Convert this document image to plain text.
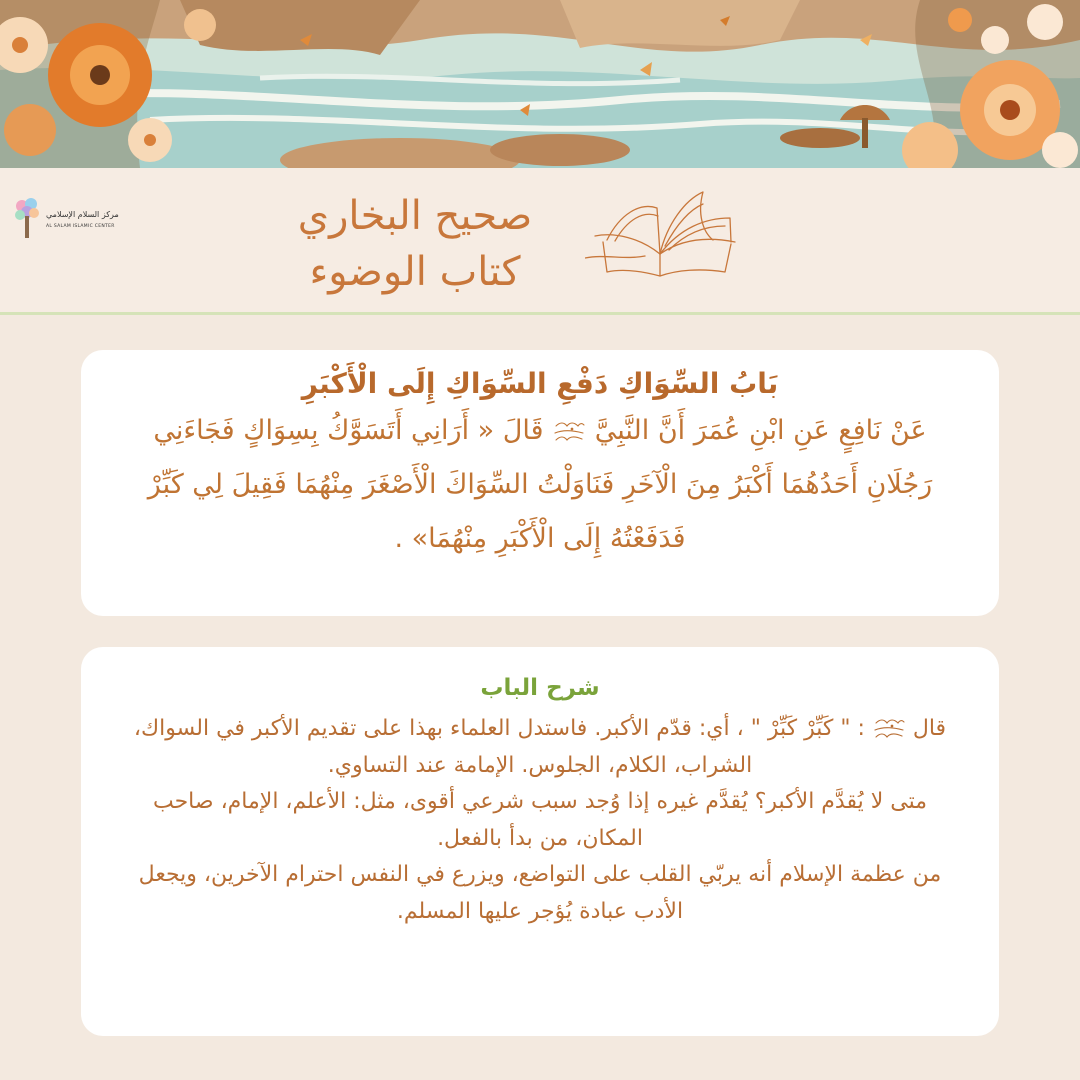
مركز السلام الإسلامي
AL SALAM ISLAMIC CENTER	صحيح البخاري
كتاب الوضوء

بَابُ السِّوَاكِ دَفْعِ السِّوَاكِ إِلَى الْأَكْبَرِ

عَنْ نَافِعٍ عَنِ ابْنِ عُمَرَ أَنَّ النَّبِيَّ  قَالَ « أَرَانِي أَتَسَوَّكُ بِسِوَاكٍ فَجَاءَنِي رَجُلَانِ أَحَدُهُمَا أَكْبَرُ مِنَ الْآخَرِ فَنَاوَلْتُ السِّوَاكَ الْأَصْغَرَ مِنْهُمَا فَقِيلَ لِي كَبِّرْ فَدَفَعْتُهُ إِلَى الْأَكْبَرِ مِنْهُمَا» .

شرح الباب

قال  : " كَبِّرْ كَبِّرْ " ، أي: قدّم الأكبر. فاستدل العلماء بهذا على تقديم الأكبر في السواك، الشراب، الكلام، الجلوس. الإمامة عند التساوي.

متى لا يُقدَّم الأكبر؟ يُقدَّم غيره إذا وُجد سبب شرعي أقوى، مثل: الأعلم، الإمام، صاحب المكان، من بدأ بالفعل.

من عظمة الإسلام أنه يربّي القلب على التواضع، ويزرع في النفس احترام الآخرين، ويجعل الأدب عبادة يُؤجر عليها المسلم.
